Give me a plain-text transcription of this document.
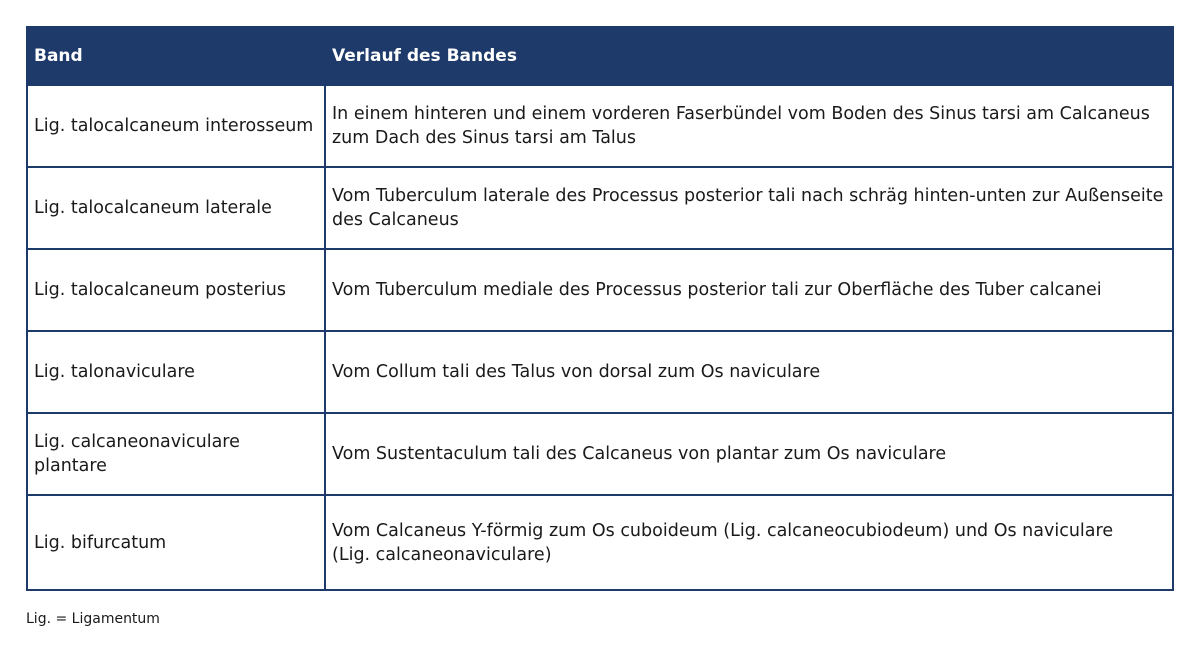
Band	Verlauf des Bandes
Lig. talocalcaneum interosseum	In einem hinteren und einem vorderen Faserbündel vom Boden des Sinus tarsi am Calcaneus
zum Dach des Sinus tarsi am Talus
Lig. talocalcaneum laterale	Vom Tuberculum laterale des Processus posterior tali nach schräg hinten-unten zur Außenseite
des Calcaneus
Lig. talocalcaneum posterius	Vom Tuberculum mediale des Processus posterior tali zur Oberfläche des Tuber calcanei
Lig. talonaviculare	Vom Collum tali des Talus von dorsal zum Os naviculare
Lig. calcaneonaviculare plantare	Vom Sustentaculum tali des Calcaneus von plantar zum Os naviculare
Lig. bifurcatum	Vom Calcaneus Y-förmig zum Os cuboideum (Lig. calcaneocubiodeum) und Os naviculare
(Lig. calcaneonaviculare)
Lig. = Ligamentum
